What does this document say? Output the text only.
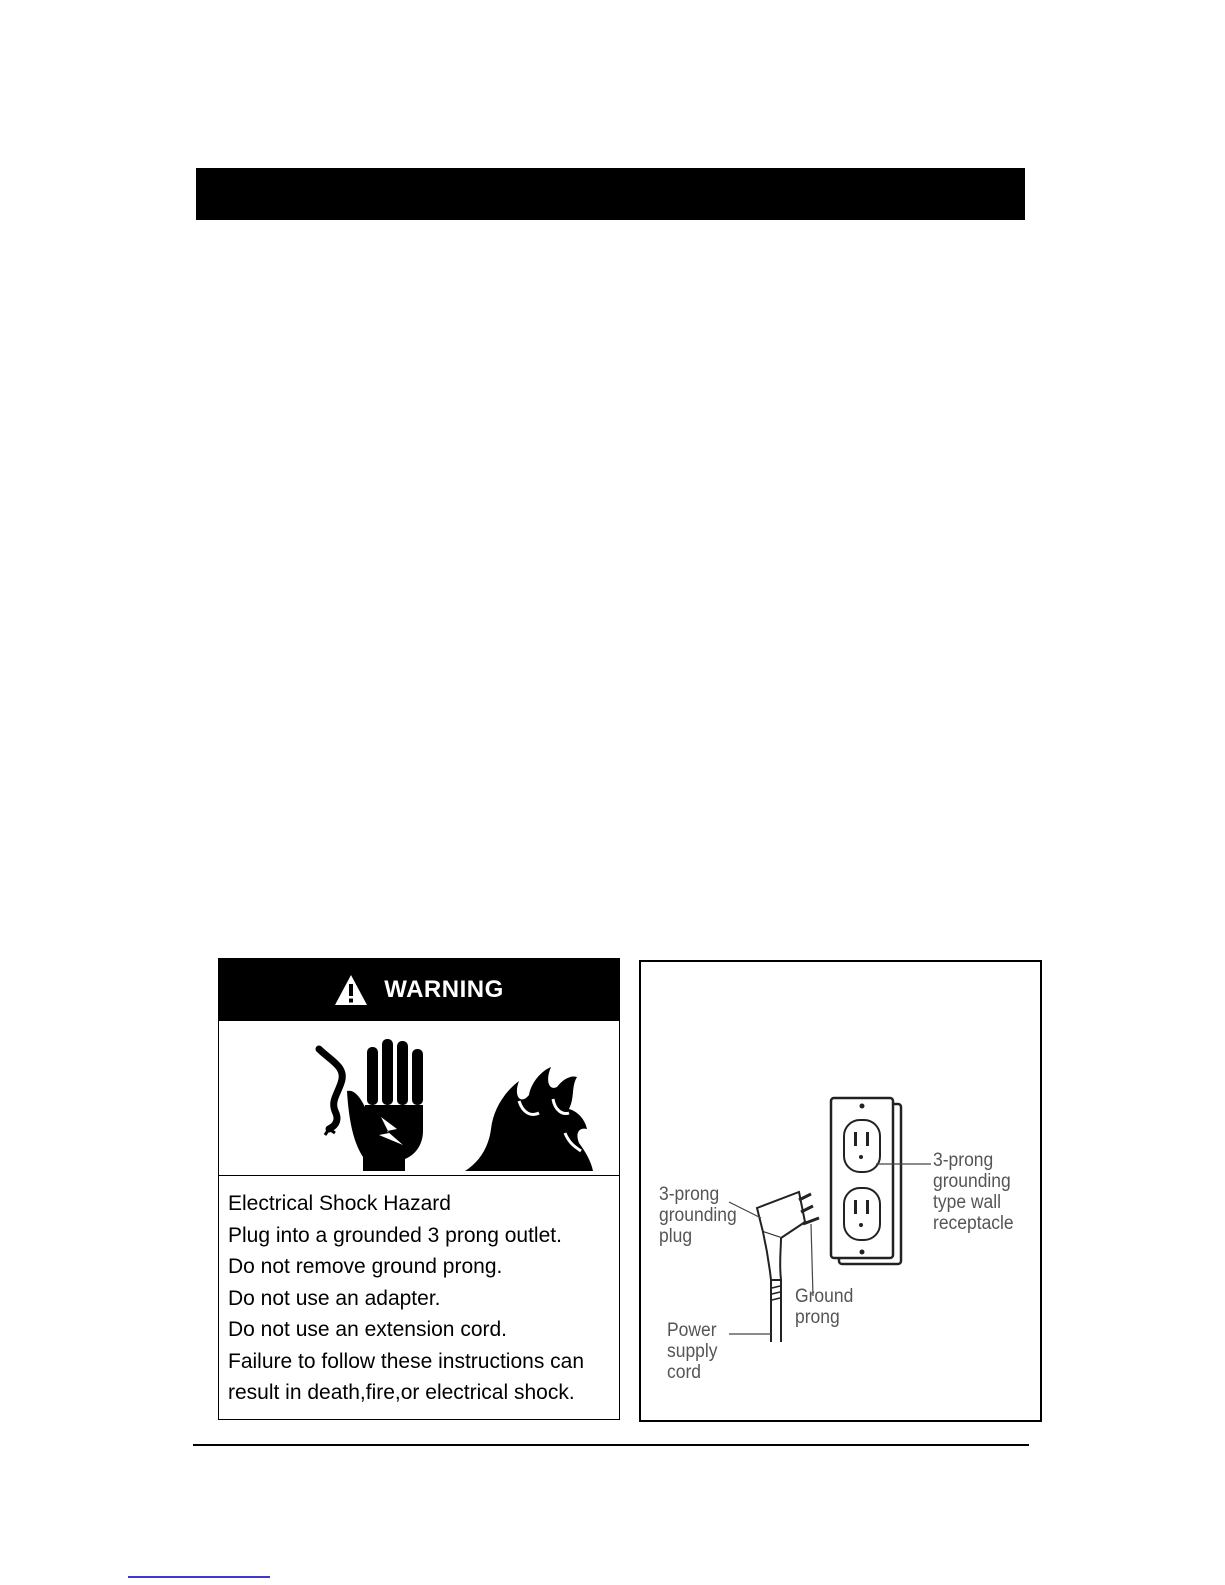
WARNING
Electrical Shock Hazard
Plug into a grounded 3 prong outlet.
Do not remove ground prong.
Do not use an adapter.
Do not use an extension cord.
Failure to follow these instructions can
result in death,fire,or electrical shock.
3-prong
grounding
type wall
receptacle
3-prong
grounding
plug
Ground
prong
Power
supply
cord
